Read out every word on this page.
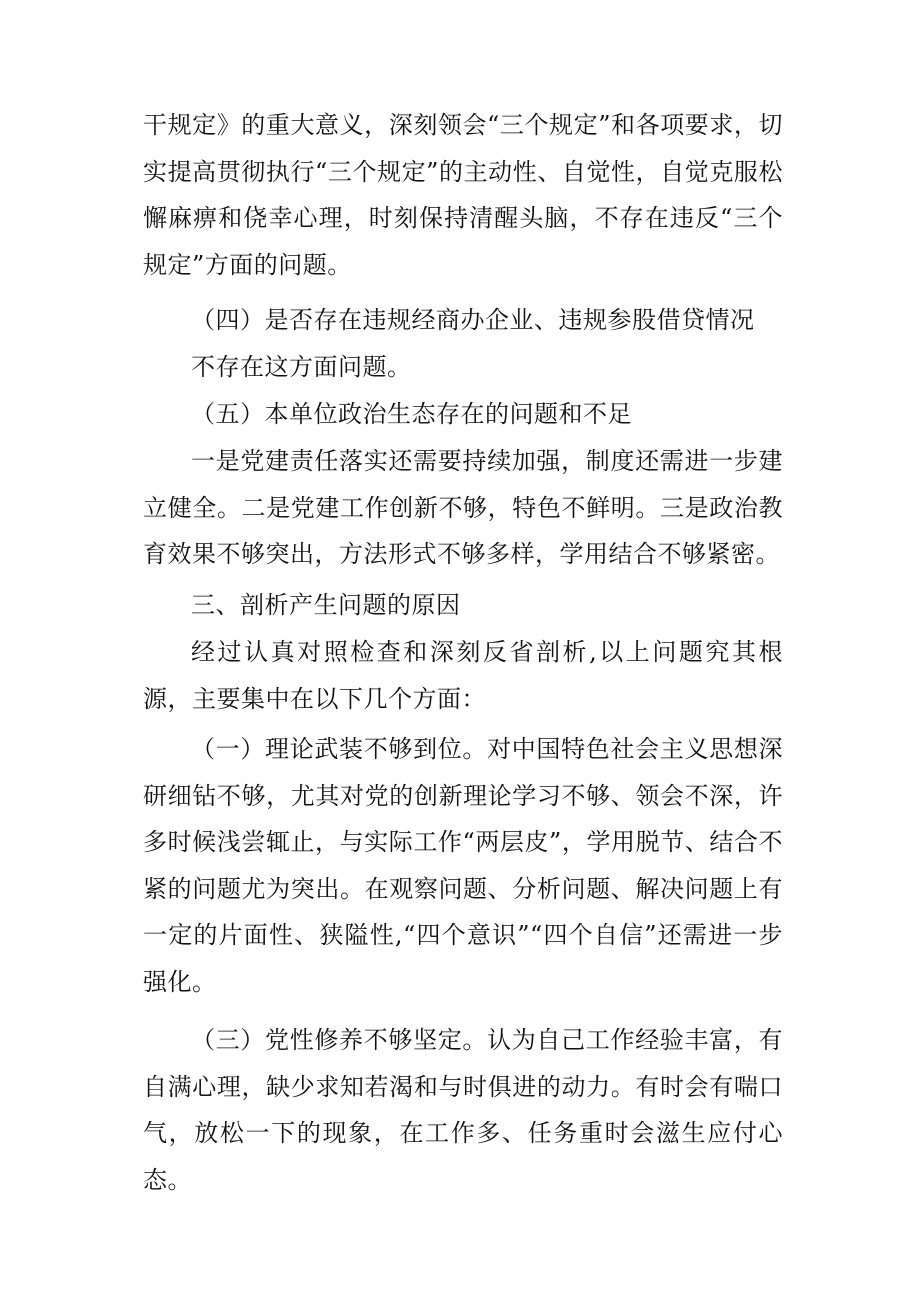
干规定》的重大意义，深刻领会“三个规定”和各项要求，切实提高贯彻执行“三个规定”的主动性、自觉性，自觉克服松懈麻痹和侥幸心理，时刻保持清醒头脑，不存在违反“三个规定”方面的问题。

（四）是否存在违规经商办企业、违规参股借贷情况

不存在这方面问题。

（五）本单位政治生态存在的问题和不足

一是党建责任落实还需要持续加强，制度还需进一步建立健全。二是党建工作创新不够，特色不鲜明。三是政治教育效果不够突出，方法形式不够多样，学用结合不够紧密。

三、剖析产生问题的原因

经过认真对照检查和深刻反省剖析,以上问题究其根源，主要集中在以下几个方面：

（一）理论武装不够到位。对中国特色社会主义思想深研细钻不够，尤其对党的创新理论学习不够、领会不深，许多时候浅尝辄止，与实际工作“两层皮”，学用脱节、结合不紧的问题尤为突出。在观察问题、分析问题、解决问题上有一定的片面性、狭隘性,“四个意识”“四个自信”还需进一步强化。

（三）党性修养不够坚定。认为自己工作经验丰富，有自满心理，缺少求知若渴和与时俱进的动力。有时会有喘口气，放松一下的现象，在工作多、任务重时会滋生应付心态。
